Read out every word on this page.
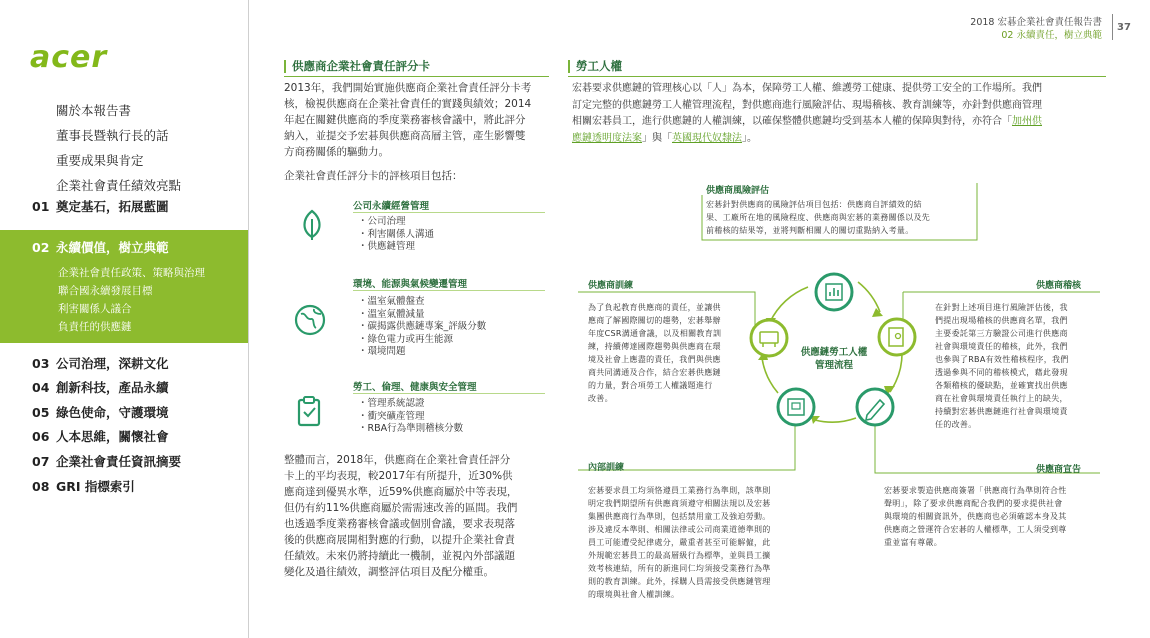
acer
關於本報告書
董事長暨執行長的話
重要成果與肯定
企業社會責任績效亮點
01 奠定基石，拓展藍圖
02 永續價值，樹立典範
企業社會責任政策、策略與治理
聯合國永續發展目標
利害關係人議合
負責任的供應鏈
03 公司治理，深耕文化
04 創新科技，產品永續
05 綠色使命，守護環境
06 人本思維，關懷社會
07 企業社會責任資訊摘要
08 GRI 指標索引
2018 宏碁企業社會責任報告書
02 永續責任，樹立典範
37
供應商企業社會責任評分卡
2013年，我們開始實施供應商企業社會責任評分卡考
核，檢視供應商在企業社會責任的實踐與績效；2014
年起在關鍵供應商的季度業務審核會議中，將此評分
納入，並提交予宏碁與供應商高層主管，產生影響雙
方商務關係的驅動力。
企業社會責任評分卡的評核項目包括：
公司永續經營管理
・ 公司治理
・ 利害關係人溝通
・ 供應鏈管理
環境、能源與氣候變遷管理
・ 溫室氣體盤查
・ 溫室氣體減量
・ 碳揭露供應鏈專案_評級分數
・ 綠色電力或再生能源
・ 環境問題
勞工、倫理、健康與安全管理
・ 管理系統認證
・ 衝突礦產管理
・ RBA行為準則稽核分數
整體而言，2018年，供應商在企業社會責任評分
卡上的平均表現，較2017年有所提升，近30%供
應商達到優異水準，近59%供應商屬於中等表現，
但仍有約11%供應商屬於需需速改善的區間。我們
也透過季度業務審核會議或個別會議，要求表現落
後的供應商展開相對應的行動，以提升企業社會責
任績效。未來仍將持續此一機制，並視內外部議題
變化及過往績效，調整評估項目及配分權重。
勞工人權
宏碁要求供應鏈的管理核心以「人」為本，保障勞工人權、維護勞工健康、提供勞工安全的工作場所。我們
訂定完整的供應鏈勞工人權管理流程，對供應商進行風險評估、現場稽核、教育訓練等，亦針對供應商管理
相關宏碁員工，進行供應鏈的人權訓練，以確保整體供應鏈均受到基本人權的保障與對待，亦符合「加州供
應鏈透明度法案」與「英國現代奴隸法」。
供應鏈勞工人權
管理流程
供應商風險評估
宏碁針對供應商的風險評估項目包括：供應商自評績效的結
果、工廠所在地的風險程度、供應商與宏碁的業務關係以及先
前稽核的結果等，並將判斷相關人的關切重點納入考量。
供應商訓練
為了負起教育供應商的責任，並讓供
應商了解國際關切的趨勢，宏碁舉辦
年度CSR溝通會議，以及相關教育訓
練，持續傳達國際趨勢與供應商在環
境及社會上應盡的責任，我們與供應
商共同溝通及合作，結合宏碁供應鏈
的力量，對合項勞工人權議題進行
改善。
供應商稽核
在針對上述項目進行風險評估後，我
們提出現場稽核的供應商名單，我們
主要委託第三方驗證公司進行供應商
社會與環境責任的稽核，此外，我們
也參與了RBA有效性稽核程序，我們
透過參與不同的稽核模式，藉此發現
各類稽核的優缺點，並確實找出供應
商在社會與環境責任執行上的缺失，
持續對宏碁供應鏈進行社會與環境責
任的改善。
內部訓練
宏碁要求員工均須恪遵員工業務行為準則，該準則
明定我們期望所有供應商須遵守相關法規以及宏碁
集團供應商行為準則，包括禁用童工及強迫勞動。
涉及違反本準則、相關法律或公司商業道德準則的
員工可能遭受紀律處分，嚴重者甚至可能解僱，此
外規範宏碁員工的最高層級行為標準，並與員工擴
效考核連結，所有的新進同仁均須接受業務行為準
則的教育訓練。此外，採購人員需接受供應鏈管理
的環境與社會人權訓練。
供應商宣告
宏碁要求製造供應商簽署「供應商行為準則符合性
聲明」，除了要求供應商配合我們的要求提供社會
與環境的相關資訊外，供應商也必須確認本身及其
供應商之營運符合宏碁的人權標準，工人須受到尊
重並富有尊嚴。
